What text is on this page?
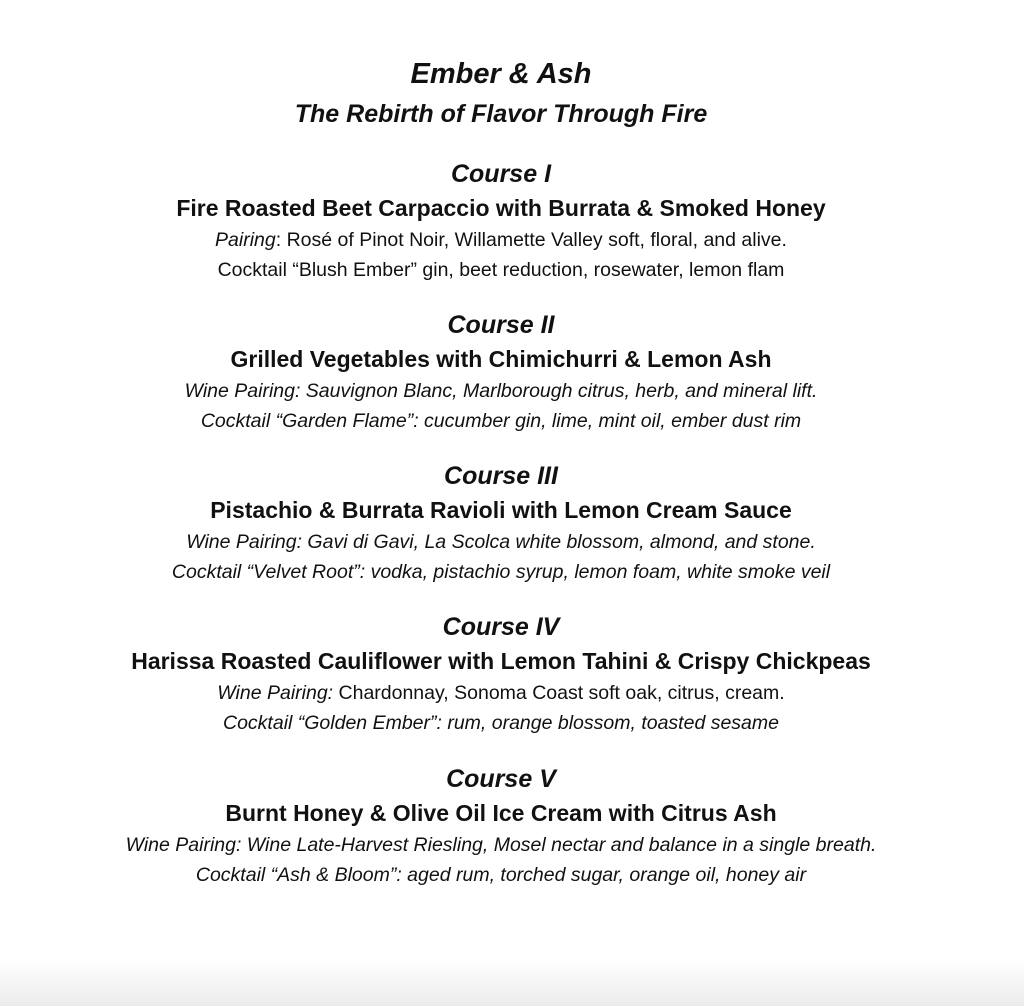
Ember & Ash
The Rebirth of Flavor Through Fire
Course I
Fire Roasted Beet Carpaccio with Burrata & Smoked Honey
Pairing: Rosé of Pinot Noir, Willamette Valley soft, floral, and alive.
Cocktail “Blush Ember” gin, beet reduction, rosewater, lemon flam
Course II
Grilled Vegetables with Chimichurri & Lemon Ash
Wine Pairing: Sauvignon Blanc, Marlborough citrus, herb, and mineral lift.
Cocktail “Garden Flame”: cucumber gin, lime, mint oil, ember dust rim
Course III
Pistachio & Burrata Ravioli with Lemon Cream Sauce
Wine Pairing: Gavi di Gavi, La Scolca white blossom, almond, and stone.
Cocktail “Velvet Root”: vodka, pistachio syrup, lemon foam, white smoke veil
Course IV
Harissa Roasted Cauliflower with Lemon Tahini & Crispy Chickpeas
Wine Pairing: Chardonnay, Sonoma Coast soft oak, citrus, cream.
Cocktail “Golden Ember”: rum, orange blossom, toasted sesame
Course V
Burnt Honey & Olive Oil Ice Cream with Citrus Ash
Wine Pairing: Wine Late-Harvest Riesling, Mosel nectar and balance in a single breath.
Cocktail “Ash & Bloom”: aged rum, torched sugar, orange oil, honey air
